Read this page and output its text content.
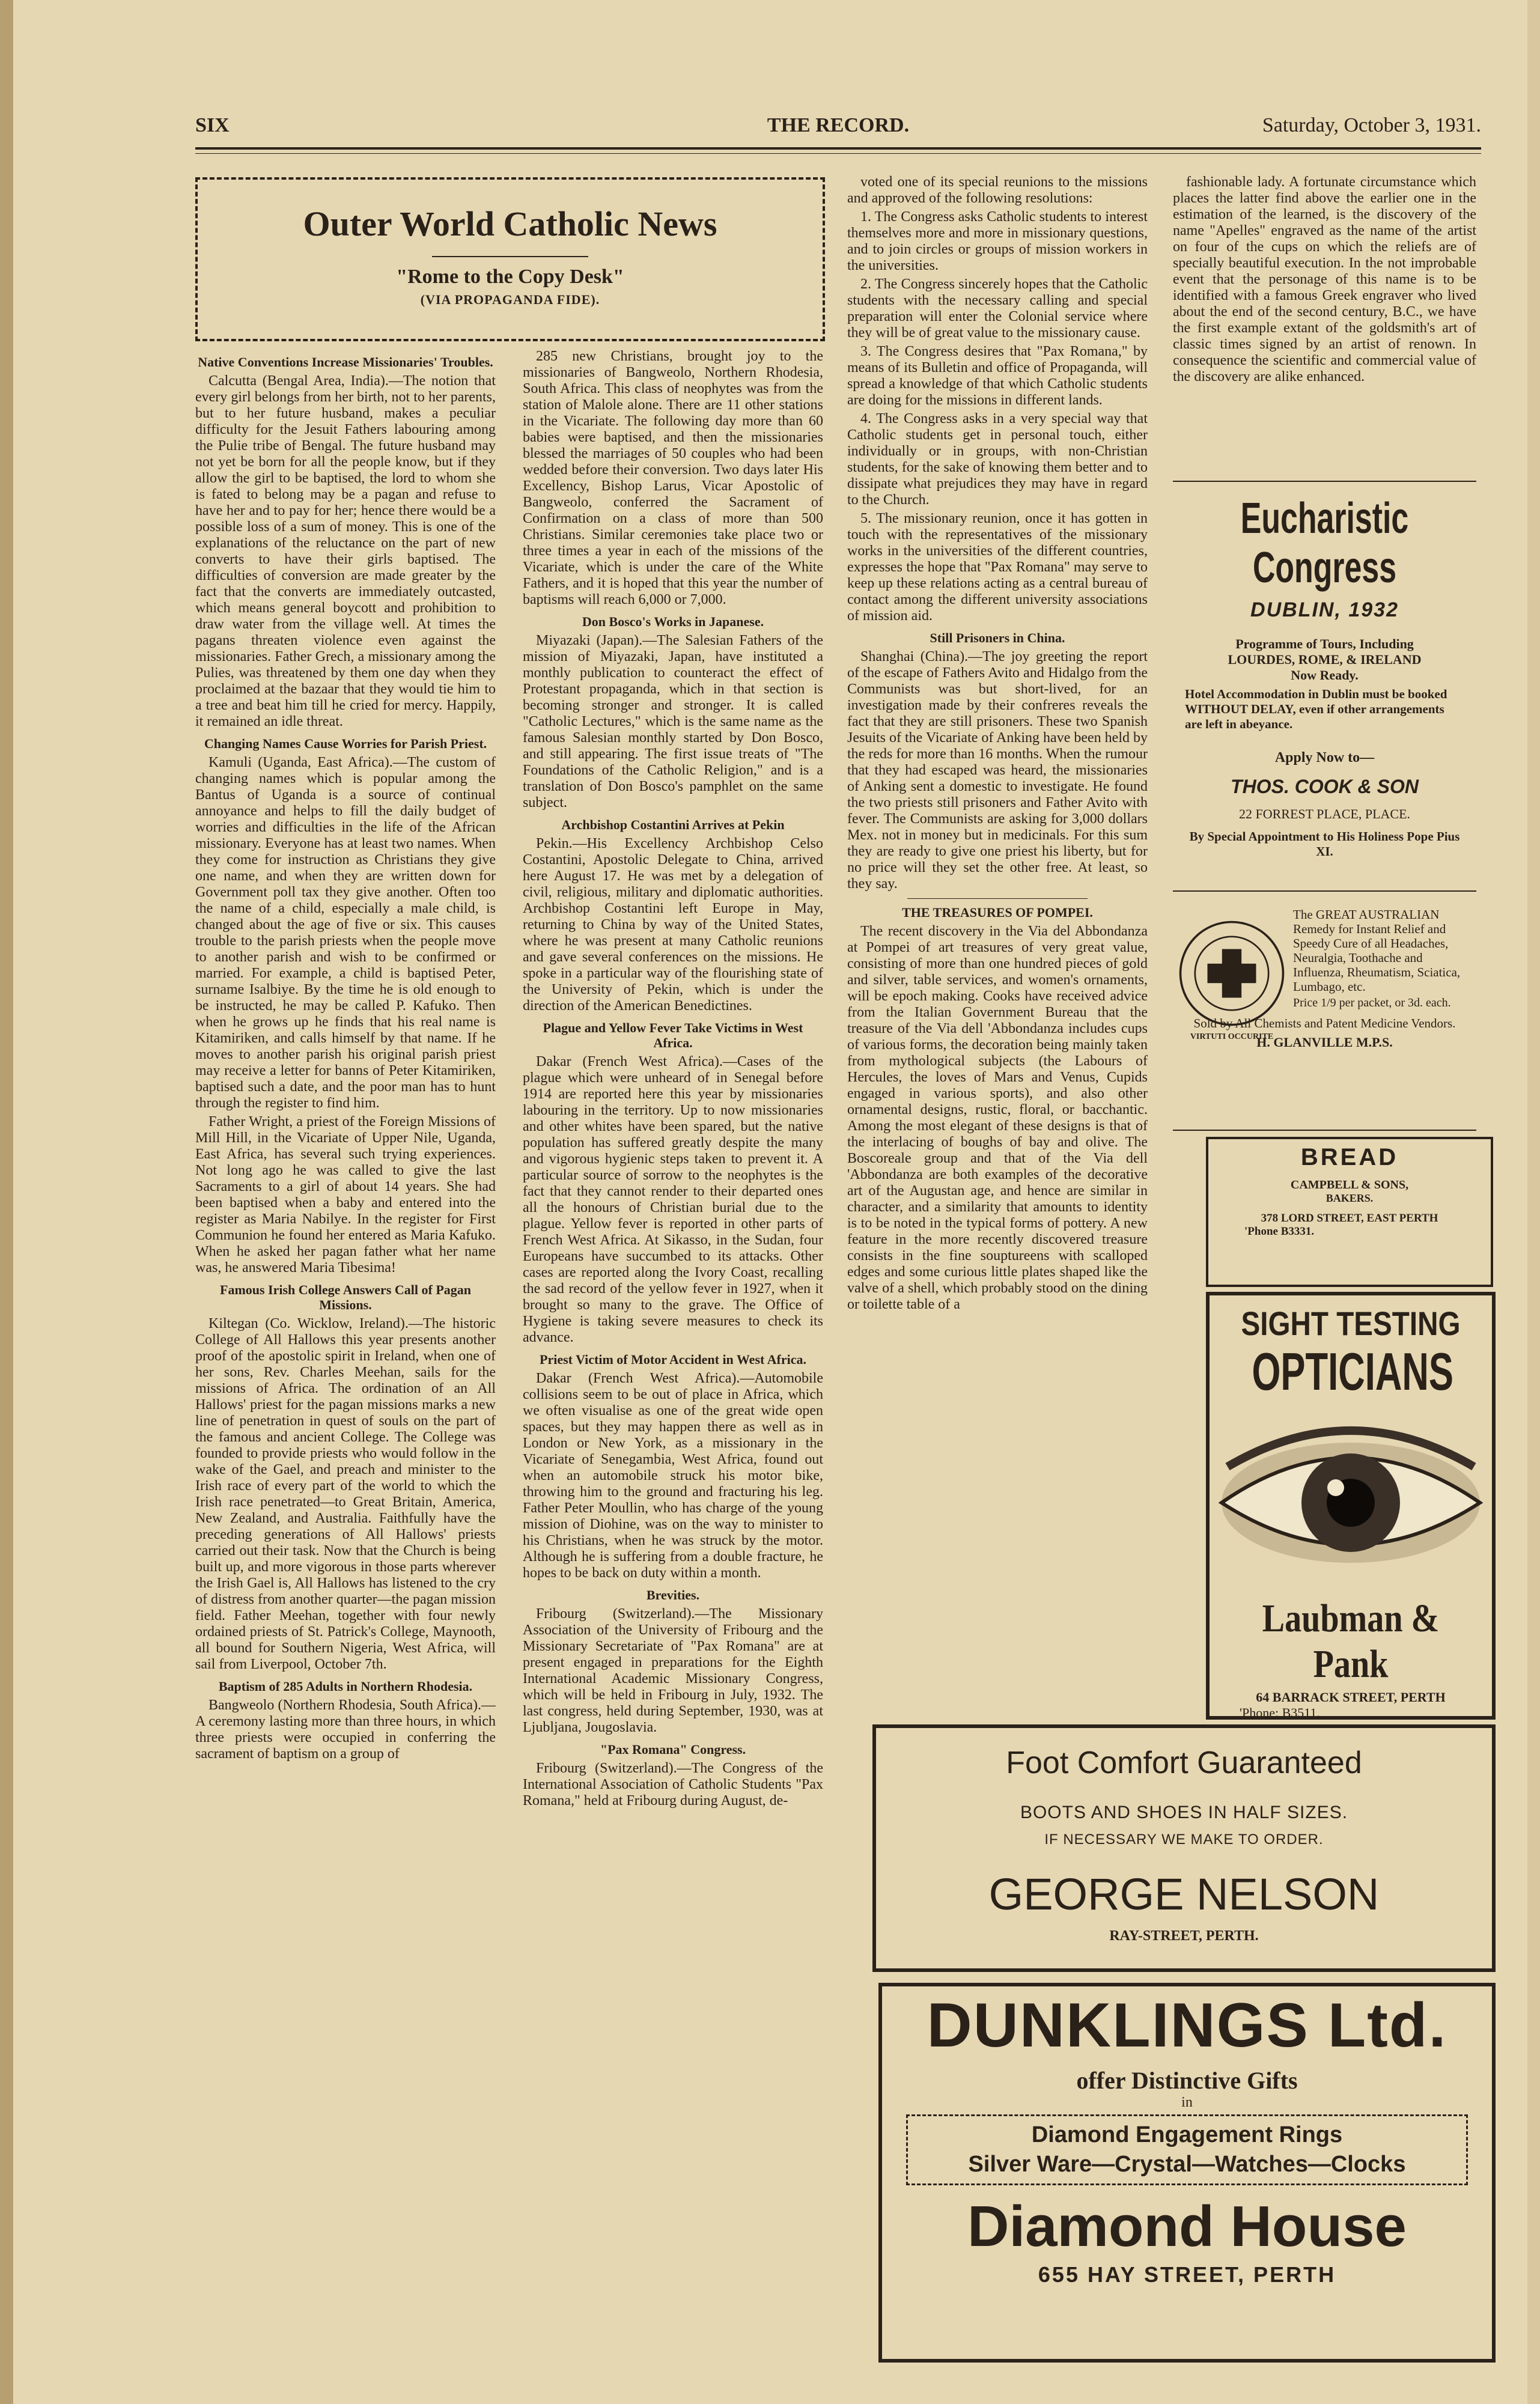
SIX	THE RECORD.	Saturday, October 3, 1931.
Outer World Catholic News
"Rome to the Copy Desk"
(VIA PROPAGANDA FIDE).
Native Conventions Increase Missionaries' Troubles.

Calcutta (Bengal Area, India).—The notion that every girl belongs from her birth, not to her parents, but to her future husband, makes a peculiar difficulty for the Jesuit Fathers labouring among the Pulie tribe of Bengal. The future husband may not yet be born for all the people know, but if they allow the girl to be baptised, the lord to whom she is fated to belong may be a pagan and refuse to have her and to pay for her; hence there would be a possible loss of a sum of money. This is one of the explanations of the reluctance on the part of new converts to have their girls baptised. The difficulties of conversion are made greater by the fact that the converts are immediately outcasted, which means general boycott and prohibition to draw water from the village well. At times the pagans threaten violence even against the missionaries. Father Grech, a missionary among the Pulies, was threatened by them one day when they proclaimed at the bazaar that they would tie him to a tree and beat him till he cried for mercy. Happily, it remained an idle threat.

Changing Names Cause Worries for Parish Priest.

Kamuli (Uganda, East Africa).—The custom of changing names which is popular among the Bantus of Uganda is a source of continual annoyance and helps to fill the daily budget of worries and difficulties in the life of the African missionary. Everyone has at least two names. When they come for instruction as Christians they give one name, and when they are written down for Government poll tax they give another. Often too the name of a child, especially a male child, is changed about the age of five or six. This causes trouble to the parish priests when the people move to another parish and wish to be confirmed or married. For example, a child is baptised Peter, surname Isalbiye. By the time he is old enough to be instructed, he may be called P. Kafuko. Then when he grows up he finds that his real name is Kitamiriken, and calls himself by that name. If he moves to another parish his original parish priest may receive a letter for banns of Peter Kitamiriken, baptised such a date, and the poor man has to hunt through the register to find him.

Father Wright, a priest of the Foreign Missions of Mill Hill, in the Vicariate of Upper Nile, Uganda, East Africa, has several such trying experiences. Not long ago he was called to give the last Sacraments to a girl of about 14 years. She had been baptised when a baby and entered into the register as Maria Nabilye. In the register for First Communion he found her entered as Maria Kafuko. When he asked her pagan father what her name was, he answered Maria Tibesima!

Famous Irish College Answers Call of Pagan Missions.

Kiltegan (Co. Wicklow, Ireland).—The historic College of All Hallows this year presents another proof of the apostolic spirit in Ireland, when one of her sons, Rev. Charles Meehan, sails for the missions of Africa. The ordination of an All Hallows' priest for the pagan missions marks a new line of penetration in quest of souls on the part of the famous and ancient College. The College was founded to provide priests who would follow in the wake of the Gael, and preach and minister to the Irish race of every part of the world to which the Irish race penetrated—to Great Britain, America, New Zealand, and Australia. Faithfully have the preceding generations of All Hallows' priests carried out their task. Now that the Church is being built up, and more vigorous in those parts wherever the Irish Gael is, All Hallows has listened to the cry of distress from another quarter—the pagan mission field. Father Meehan, together with four newly ordained priests of St. Patrick's College, Maynooth, all bound for Southern Nigeria, West Africa, will sail from Liverpool, October 7th.

Baptism of 285 Adults in Northern Rhodesia.

Bangweolo (Northern Rhodesia, South Africa).—A ceremony lasting more than three hours, in which three priests were occupied in conferring the sacrament of baptism on a group of

285 new Christians, brought joy to the missionaries of Bangweolo, Northern Rhodesia, South Africa. This class of neophytes was from the station of Malole alone. There are 11 other stations in the Vicariate. The following day more than 60 babies were baptised, and then the missionaries blessed the marriages of 50 couples who had been wedded before their conversion. Two days later His Excellency, Bishop Larus, Vicar Apostolic of Bangweolo, conferred the Sacrament of Confirmation on a class of more than 500 Christians. Similar ceremonies take place two or three times a year in each of the missions of the Vicariate, which is under the care of the White Fathers, and it is hoped that this year the number of baptisms will reach 6,000 or 7,000.

Don Bosco's Works in Japanese.

Miyazaki (Japan).—The Salesian Fathers of the mission of Miyazaki, Japan, have instituted a monthly publication to counteract the effect of Protestant propaganda, which in that section is becoming stronger and stronger. It is called "Catholic Lectures," which is the same name as the famous Salesian monthly started by Don Bosco, and still appearing. The first issue treats of "The Foundations of the Catholic Religion," and is a translation of Don Bosco's pamphlet on the same subject.

Archbishop Costantini Arrives at Pekin

Pekin.—His Excellency Archbishop Celso Costantini, Apostolic Delegate to China, arrived here August 17. He was met by a delegation of civil, religious, military and diplomatic authorities. Archbishop Costantini left Europe in May, returning to China by way of the United States, where he was present at many Catholic reunions and gave several conferences on the missions. He spoke in a particular way of the flourishing state of the University of Pekin, which is under the direction of the American Benedictines.

Plague and Yellow Fever Take Victims in West Africa.

Dakar (French West Africa).—Cases of the plague which were unheard of in Senegal before 1914 are reported here this year by missionaries labouring in the territory. Up to now missionaries and other whites have been spared, but the native population has suffered greatly despite the many and vigorous hygienic steps taken to prevent it. A particular source of sorrow to the neophytes is the fact that they cannot render to their departed ones all the honours of Christian burial due to the plague. Yellow fever is reported in other parts of French West Africa. At Sikasso, in the Sudan, four Europeans have succumbed to its attacks. Other cases are reported along the Ivory Coast, recalling the sad record of the yellow fever in 1927, when it brought so many to the grave. The Office of Hygiene is taking severe measures to check its advance.

Priest Victim of Motor Accident in West Africa.

Dakar (French West Africa).—Automobile collisions seem to be out of place in Africa, which we often visualise as one of the great wide open spaces, but they may happen there as well as in London or New York, as a missionary in the Vicariate of Senegambia, West Africa, found out when an automobile struck his motor bike, throwing him to the ground and fracturing his leg. Father Peter Moullin, who has charge of the young mission of Diohine, was on the way to minister to his Christians, when he was struck by the motor. Although he is suffering from a double fracture, he hopes to be back on duty within a month.

Brevities.

Fribourg (Switzerland).—The Missionary Association of the University of Fribourg and the Missionary Secretariate of "Pax Romana" are at present engaged in preparations for the Eighth International Academic Missionary Congress, which will be held in Fribourg in July, 1932. The last congress, held during September, 1930, was at Ljubljana, Jougoslavia.

"Pax Romana" Congress.

Fribourg (Switzerland).—The Congress of the International Association of Catholic Students "Pax Romana," held at Fribourg during August, de-

voted one of its special reunions to the missions and approved of the following resolutions:

1. The Congress asks Catholic students to interest themselves more and more in missionary questions, and to join circles or groups of mission workers in the universities.

2. The Congress sincerely hopes that the Catholic students with the necessary calling and special preparation will enter the Colonial service where they will be of great value to the missionary cause.

3. The Congress desires that "Pax Romana," by means of its Bulletin and office of Propaganda, will spread a knowledge of that which Catholic students are doing for the missions in different lands.

4. The Congress asks in a very special way that Catholic students get in personal touch, either individually or in groups, with non-Christian students, for the sake of knowing them better and to dissipate what prejudices they may have in regard to the Church.

5. The missionary reunion, once it has gotten in touch with the representatives of the missionary works in the universities of the different countries, expresses the hope that "Pax Romana" may serve to keep up these relations acting as a central bureau of contact among the different university associations of mission aid.

Still Prisoners in China.

Shanghai (China).—The joy greeting the report of the escape of Fathers Avito and Hidalgo from the Communists was but short-lived, for an investigation made by their confreres reveals the fact that they are still prisoners. These two Spanish Jesuits of the Vicariate of Anking have been held by the reds for more than 16 months. When the rumour that they had escaped was heard, the missionaries of Anking sent a domestic to investigate. He found the two priests still prisoners and Father Avito with fever. The Communists are asking for 3,000 dollars Mex. not in money but in medicinals. For this sum they are ready to give one priest his liberty, but for no price will they set the other free. At least, so they say.

THE TREASURES OF POMPEI.

The recent discovery in the Via del Abbondanza at Pompei of art treasures of very great value, consisting of more than one hundred pieces of gold and silver, table services, and women's ornaments, will be epoch making. Cooks have received advice from the Italian Government Bureau that the treasure of the Via dell 'Abbondanza includes cups of various forms, the decoration being mainly taken from mythological subjects (the Labours of Hercules, the loves of Mars and Venus, Cupids engaged in various sports), and also other ornamental designs, rustic, floral, or bacchantic. Among the most elegant of these designs is that of the interlacing of boughs of bay and olive. The Boscoreale group and that of the Via dell 'Abbondanza are both examples of the decorative art of the Augustan age, and hence are similar in character, and a similarity that amounts to identity is to be noted in the typical forms of pottery. A new feature in the more recently discovered treasure consists in the fine souptureens with scalloped edges and some curious little plates shaped like the valve of a shell, which probably stood on the dining or toilette table of a

fashionable lady. A fortunate circumstance which places the latter find above the earlier one in the estimation of the learned, is the discovery of the name "Apelles" engraved as the name of the artist on four of the cups on which the reliefs are of specially beautiful execution. In the not improbable event that the personage of this name is to be identified with a famous Greek engraver who lived about the end of the second century, B.C., we have the first example extant of the goldsmith's art of classic times signed by an artist of renown. In consequence the scientific and commercial value of the discovery are alike enhanced.

Eucharistic Congress
DUBLIN, 1932
Programme of Tours, Including
LOURDES, ROME, & IRELAND
Now Ready.
Hotel Accommodation in Dublin must be booked WITHOUT DELAY, even if other arrangements are left in abeyance.
Apply Now to—
THOS. COOK & SON
22 FORREST PLACE, PLACE.
By Special Appointment to His Holiness Pope Pius XI.
VIRTUTI OCCURITE
The GREAT AUSTRALIAN Remedy for Instant Relief and Speedy Cure of all Headaches, Neuralgia, Toothache and Influenza, Rheumatism, Sciatica, Lumbago, etc.
Price 1/9 per packet, or 3d. each.
Sold by All Chemists and Patent Medicine Vendors.
H. GLANVILLE M.P.S.
BREAD
CAMPBELL & SONS,
BAKERS.
378 LORD STREET, EAST PERTH
'Phone B3331.
SIGHT TESTING
OPTICIANS
Laubman & Pank
64 BARRACK STREET, PERTH
'Phone: B3511.
Foot Comfort Guaranteed
BOOTS AND SHOES IN HALF SIZES.
IF NECESSARY WE MAKE TO ORDER.
GEORGE NELSON
RAY-STREET, PERTH.
DUNKLINGS Ltd.
offer Distinctive Gifts
in
Diamond Engagement Rings
Silver Ware—Crystal—Watches—Clocks
Diamond House
655 HAY STREET, PERTH
